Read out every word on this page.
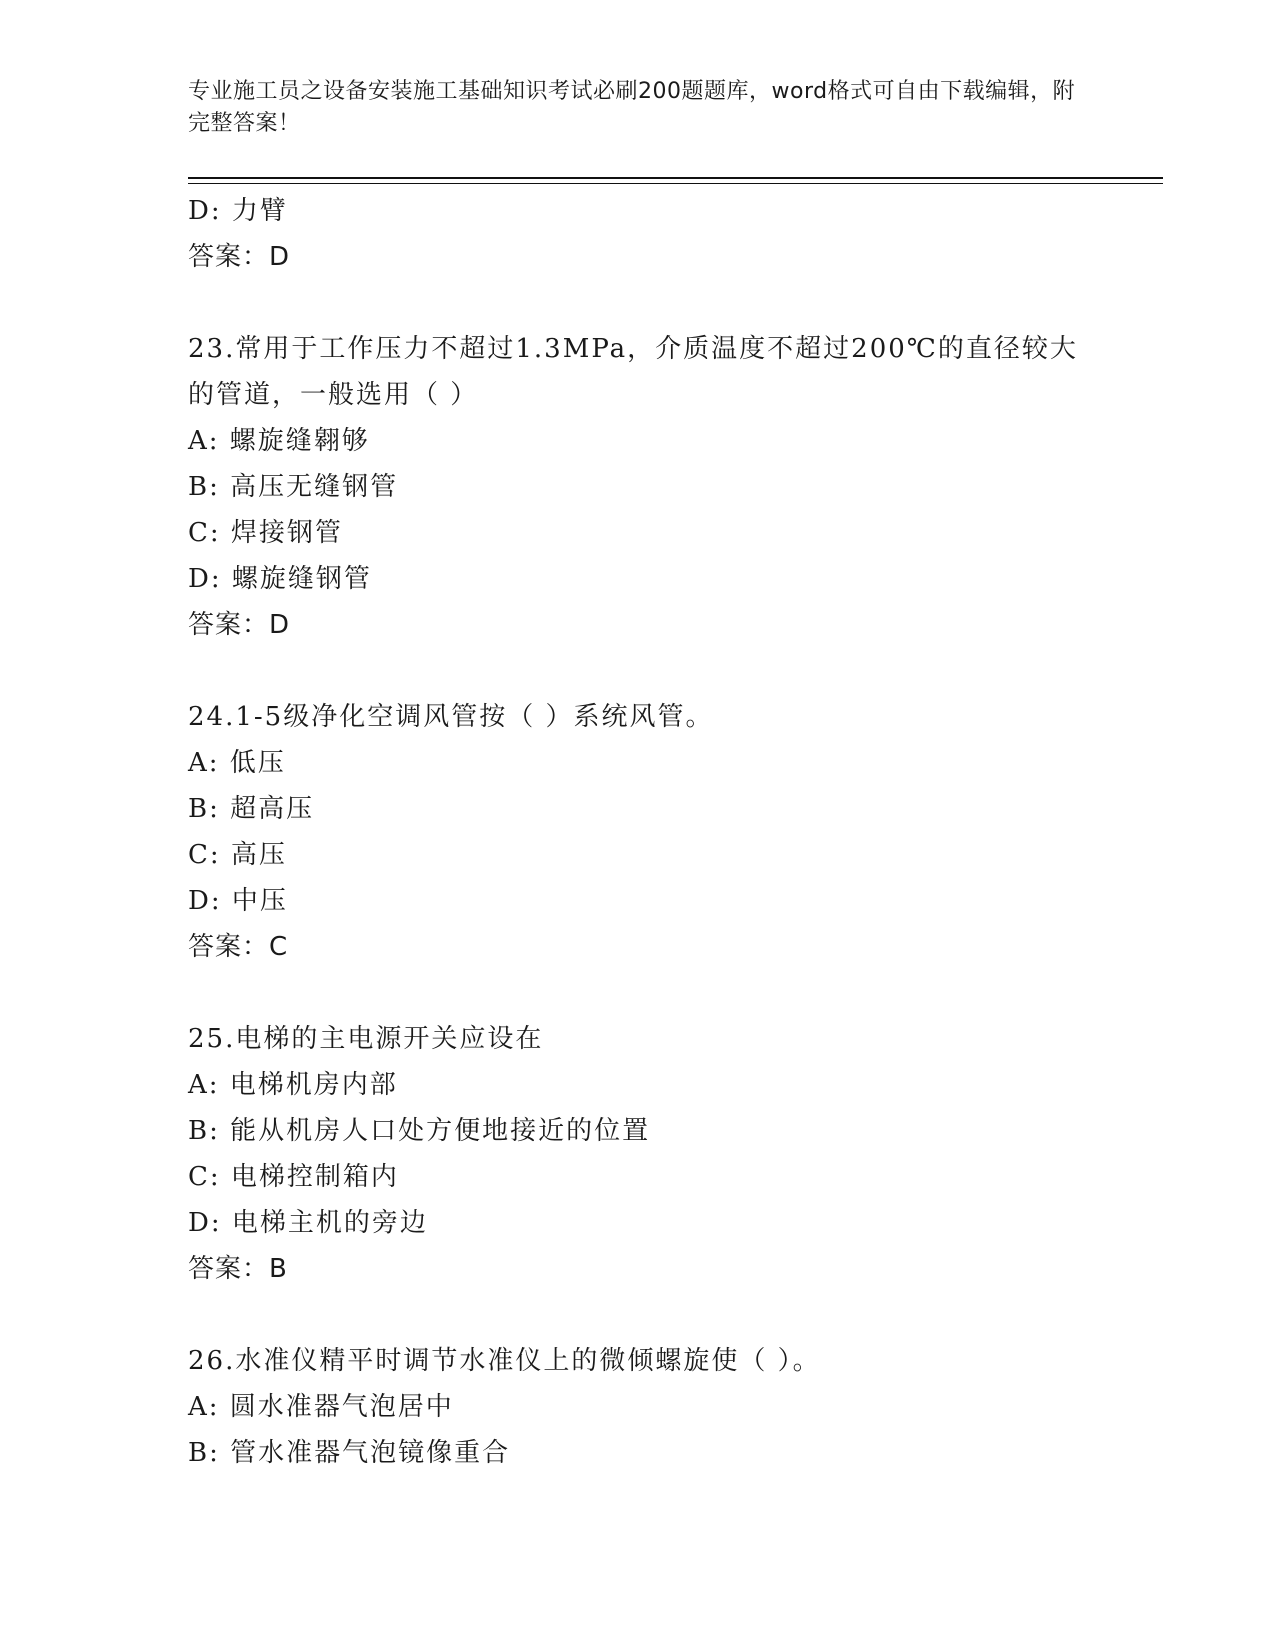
专业施工员之设备安装施工基础知识考试必刷200题题库，word格式可自由下载编辑，附完整答案！
D: 力臂
答案：D
23.常用于工作压力不超过1.3MPa，介质温度不超过200℃的直径较大
的管道，一般选用（ ）
A: 螺旋缝翱够
B: 高压无缝钢管
C: 焊接钢管
D: 螺旋缝钢管
答案：D
24.1-5级净化空调风管按（ ）系统风管。
A: 低压
B: 超高压
C: 高压
D: 中压
答案：C
25.电梯的主电源开关应设在
A: 电梯机房内部
B: 能从机房人口处方便地接近的位置
C: 电梯控制箱内
D: 电梯主机的旁边
答案：B
26.水准仪精平时调节水准仪上的微倾螺旋使（ ）。
A: 圆水准器气泡居中
B: 管水准器气泡镜像重合
